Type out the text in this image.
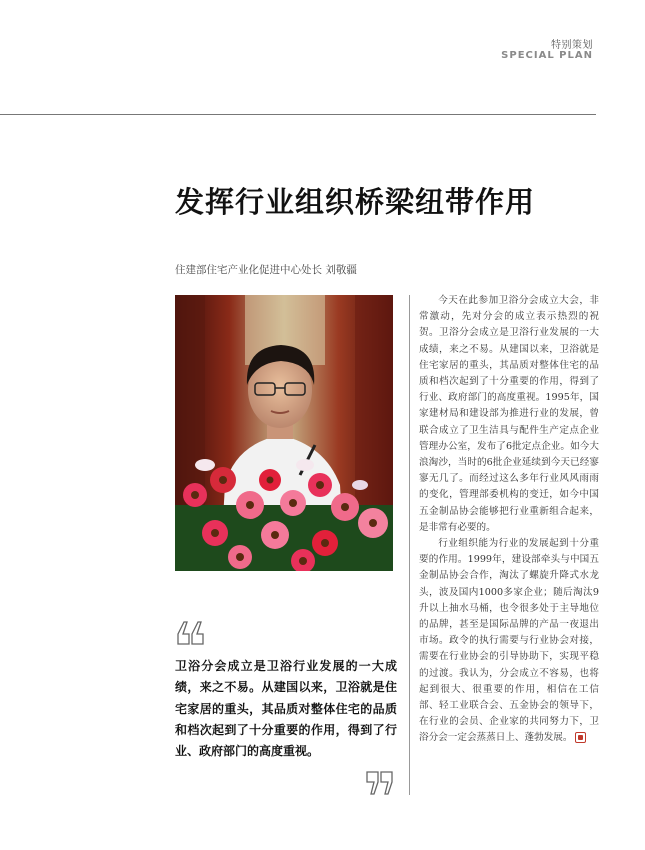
特别策划
SPECIAL PLAN
发挥行业组织桥梁纽带作用
住建部住宅产业化促进中心处长 刘敬疆
卫浴分会成立是卫浴行业发展的一大成绩，来之不易。从建国以来，卫浴就是住宅家居的重头，其品质对整体住宅的品质和档次起到了十分重要的作用，得到了行业、政府部门的高度重视。

今天在此参加卫浴分会成立大会，非常激动，先对分会的成立表示热烈的祝贺。卫浴分会成立是卫浴行业发展的一大成绩，来之不易。从建国以来，卫浴就是住宅家居的重头，其品质对整体住宅的品质和档次起到了十分重要的作用，得到了行业、政府部门的高度重视。1995年，国家建材局和建设部为推进行业的发展，曾联合成立了卫生洁具与配件生产定点企业管理办公室，发布了6批定点企业。如今大浪淘沙，当时的6批企业延续到今天已经寥寥无几了。而经过这么多年行业风风雨雨的变化，管理部委机构的变迁，如今中国五金制品协会能够把行业重新组合起来，是非常有必要的。

行业组织能为行业的发展起到十分重要的作用。1999年，建设部牵头与中国五金制品协会合作，淘汰了螺旋升降式水龙头，波及国内1000多家企业；随后淘汰9升以上抽水马桶，也令很多处于主导地位的品牌，甚至是国际品牌的产品一夜退出市场。政令的执行需要与行业协会对接，需要在行业协会的引导协助下，实现平稳的过渡。我认为，分会成立不容易，也将起到很大、很重要的作用，相信在工信部、轻工业联合会、五金协会的领导下，在行业的会员、企业家的共同努力下，卫浴分会一定会蒸蒸日上、蓬勃发展。
